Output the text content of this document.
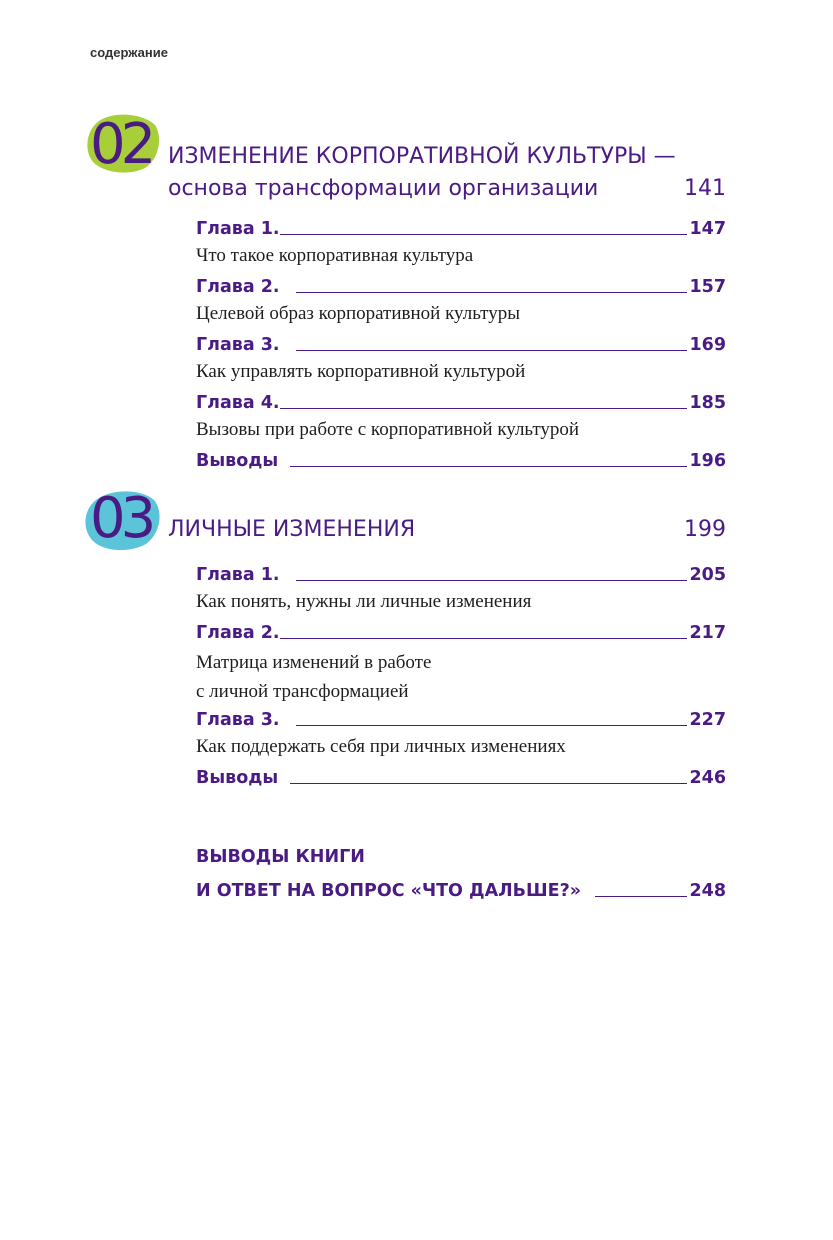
содержание
02 ИЗМЕНЕНИЕ КОРПОРАТИВНОЙ КУЛЬТУРЫ —
основа трансформации организации	141
Глава 1.	147
Что такое корпоративная культура
Глава 2.	157
Целевой образ корпоративной культуры
Глава 3.	169
Как управлять корпоративной культурой
Глава 4.	185
Вызовы при работе с корпоративной культурой
Выводы	196
03 ЛИЧНЫЕ ИЗМЕНЕНИЯ	199
Глава 1.	205
Как понять, нужны ли личные изменения
Глава 2.	217
Матрица изменений в работе
с личной трансформацией
Глава 3.	227
Как поддержать себя при личных изменениях
Выводы	246
ВЫВОДЫ КНИГИ
И ОТВЕТ НА ВОПРОС «ЧТО ДАЛЬШЕ?»	248
